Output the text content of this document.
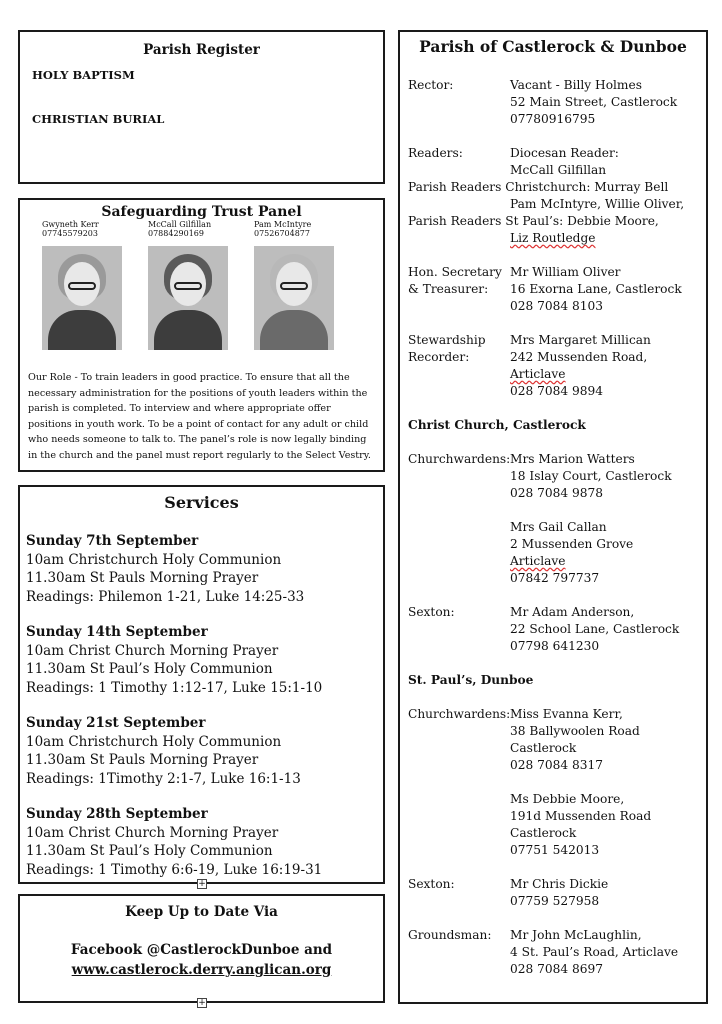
Parish Register
HOLY BAPTISM
CHRISTIAN BURIAL
Safeguarding Trust Panel
Gwyneth Kerr
07745579203
McCall Gilfillan
07884290169
Pam McIntyre
07526704877

Our Role - To train leaders in good practice. To ensure that all the necessary administration for the positions of youth leaders within the parish is completed. To interview and where appropriate offer positions in youth work. To be a point of contact for any adult or child who needs someone to talk to. The panel’s role is now legally binding in the church and the panel must report regularly to the Select Vestry.

Services
Sunday 7th September
10am Christchurch Holy Communion
11.30am St Pauls Morning Prayer
Readings: Philemon 1-21, Luke 14:25-33
Sunday 14th September
10am Christ Church Morning Prayer
11.30am St Paul’s Holy Communion
Readings: 1 Timothy 1:12-17, Luke 15:1-10
Sunday 21st September
10am Christchurch Holy Communion
11.30am St Pauls Morning Prayer
Readings: 1Timothy 2:1-7, Luke 16:1-13
Sunday 28th September
10am Christ Church Morning Prayer
11.30am St Paul’s Holy Communion
Readings: 1 Timothy 6:6-19, Luke 16:19-31
+
Keep Up to Date Via
Facebook @CastlerockDunboe and
www.castlerock.derry.anglican.org
+
Parish of Castlerock & Dunboe
Rector:	Vacant - Billy Holmes
52 Main Street, Castlerock
07780916795
Readers:	Diocesan Reader:
McCall Gilfillan
Parish Readers Christchurch: Murray Bell
Pam McIntyre, Willie Oliver,
Parish Readers St Paul’s: Debbie Moore,
Liz Routledge
Hon. Secretary
& Treasurer:
Mr William Oliver
16 Exorna Lane, Castlerock
028 7084 8103
Stewardship
Recorder:
Mrs Margaret Millican
242 Mussenden Road,
Articlave
028 7084 9894
Christ Church, Castlerock
Churchwardens: Mrs Marion Watters
18 Islay Court, Castlerock
028 7084 9878
Mrs Gail Callan
2 Mussenden Grove
Articlave
07842 797737
Sexton:	Mr Adam Anderson,
22 School Lane, Castlerock
07798 641230
St. Paul’s, Dunboe
Churchwardens: Miss Evanna Kerr,
38 Ballywoolen Road
Castlerock
028 7084 8317
Ms Debbie Moore,
191d Mussenden Road
Castlerock
07751 542013
Sexton:	Mr Chris Dickie
07759 527958
Groundsman:	Mr John McLaughlin,
4 St. Paul’s Road, Articlave
028 7084 8697
